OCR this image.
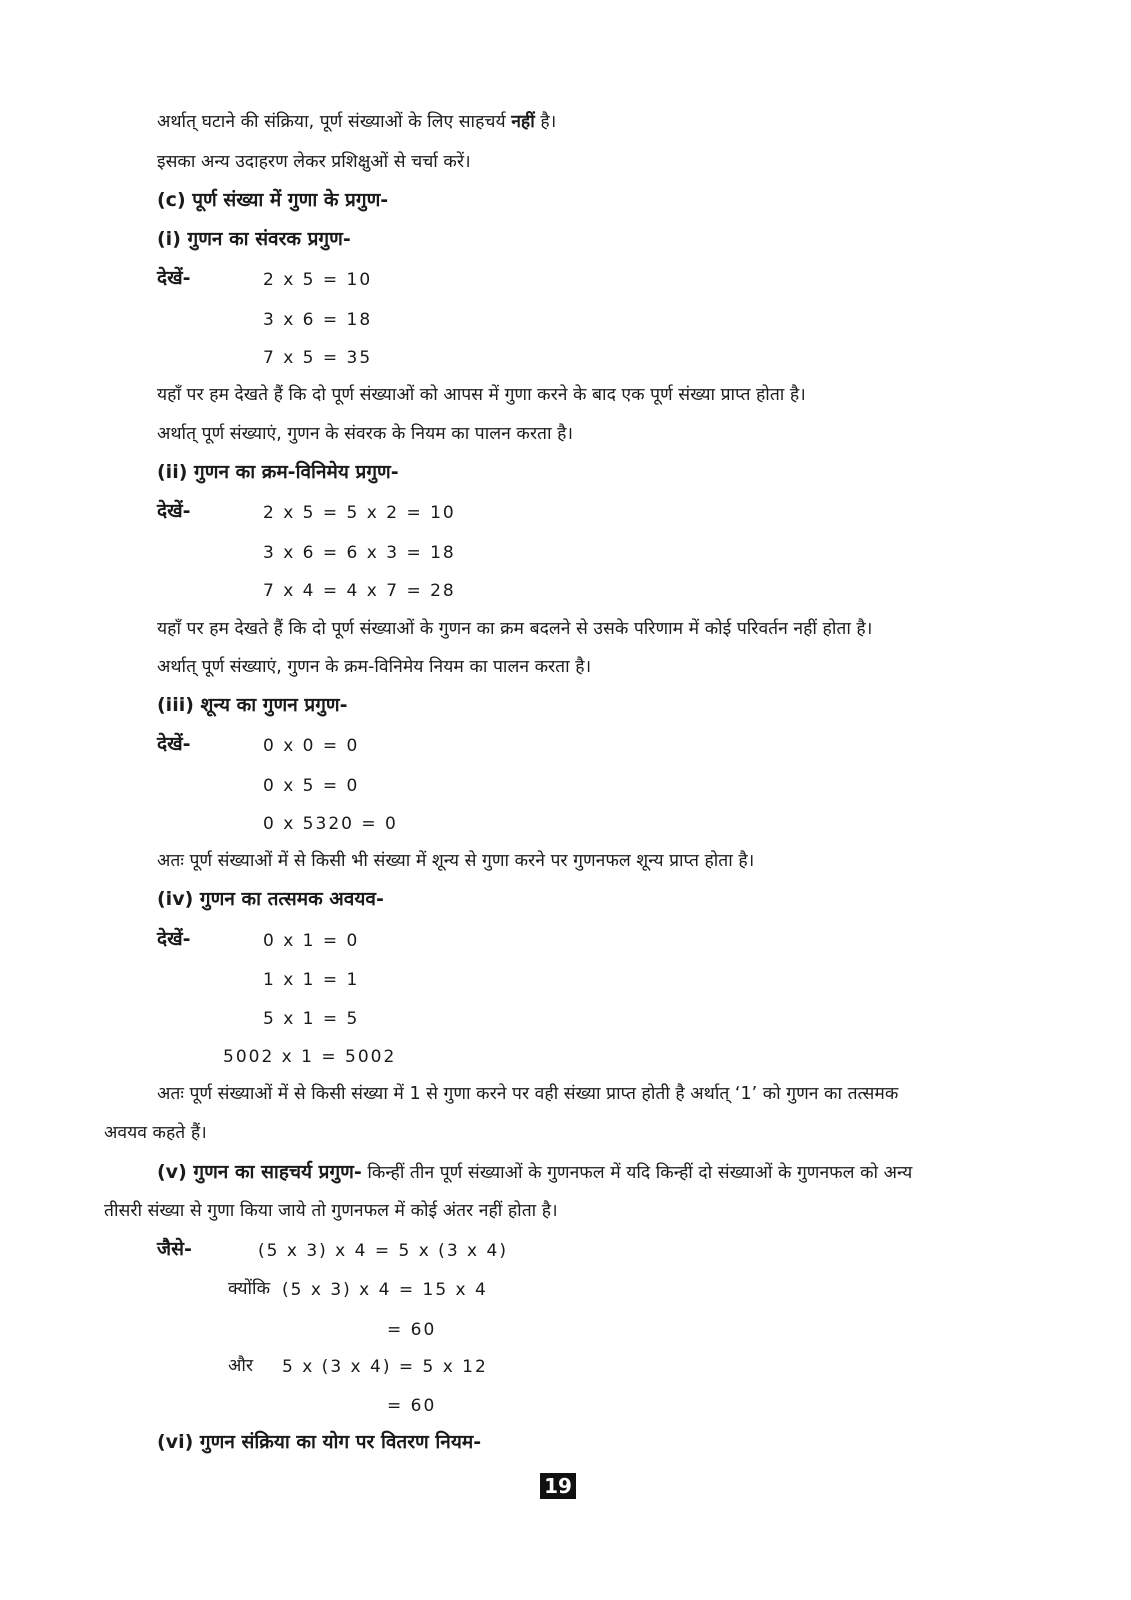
अर्थात् घटाने की संक्रिया, पूर्ण संख्याओं के लिए साहचर्य नहीं है।
इसका अन्य उदाहरण लेकर प्रशिक्षुओं से चर्चा करें।
(c) पूर्ण संख्या में गुणा के प्रगुण-
(i) गुणन का संवरक प्रगुण-
देखें-	2 x 5 = 10
3 x 6 = 18
7 x 5 = 35
यहाँ पर हम देखते हैं कि दो पूर्ण संख्याओं को आपस में गुणा करने के बाद एक पूर्ण संख्या प्राप्त होता है।
अर्थात् पूर्ण संख्याएं, गुणन के संवरक के नियम का पालन करता है।
(ii) गुणन का क्रम-विनिमेय प्रगुण-
देखें-	2 x 5 = 5 x 2 = 10
3 x 6 = 6 x 3 = 18
7 x 4 = 4 x 7 = 28
यहाँ पर हम देखते हैं कि दो पूर्ण संख्याओं के गुणन का क्रम बदलने से उसके परिणाम में कोई परिवर्तन नहीं होता है।
अर्थात् पूर्ण संख्याएं, गुणन के क्रम-विनिमेय नियम का पालन करता है।
(iii) शून्य का गुणन प्रगुण-
देखें-	0 x 0 = 0
0 x 5 = 0
0 x 5320 = 0
अतः पूर्ण संख्याओं में से किसी भी संख्या में शून्य से गुणा करने पर गुणनफल शून्य प्राप्त होता है।
(iv) गुणन का तत्समक अवयव-
देखें-	0 x 1 = 0
1 x 1 = 1
5 x 1 = 5
5002 x 1 = 5002
अतः पूर्ण संख्याओं में से किसी संख्या में 1 से गुणा करने पर वही संख्या प्राप्त होती है अर्थात् ‘1’ को गुणन का तत्समक
अवयव कहते हैं।
(v) गुणन का साहचर्य प्रगुण- किन्हीं तीन पूर्ण संख्याओं के गुणनफल में यदि किन्हीं दो संख्याओं के गुणनफल को अन्य
तीसरी संख्या से गुणा किया जाये तो गुणनफल में कोई अंतर नहीं होता है।
जैसे-	(5 x 3) x 4 = 5 x (3 x 4)
क्योंकि (5 x 3) x 4 = 15 x 4
= 60
और 5 x (3 x 4) = 5 x 12
= 60
(vi) गुणन संक्रिया का योग पर वितरण नियम-
19
